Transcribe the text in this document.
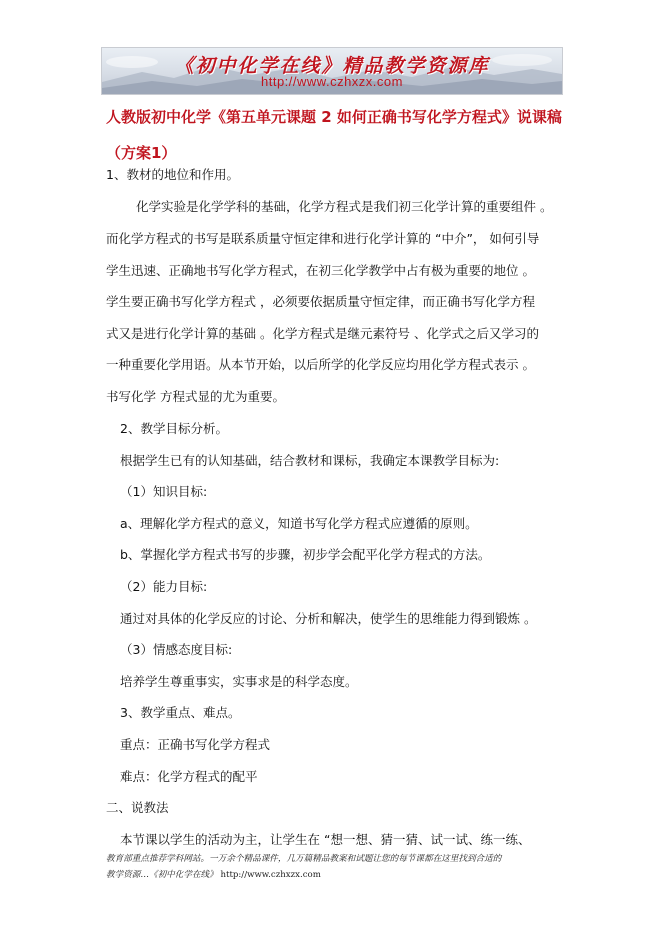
《初中化学在线》精品教学资源库
http://www.czhxzx.com
人教版初中化学《第五单元课题 2 如何正确书写化学方程式》说课稿（方案1）
1、教材的地位和作用。
化学实验是化学学科的基础，化学方程式是我们初三化学计算的重要组件 。
而化学方程式的书写是联系质量守恒定律和进行化学计算的 “中介”， 如何引导
学生迅速、正确地书写化学方程式，在初三化学教学中占有极为重要的地位 。
学生要正确书写化学方程式 ，必须要依据质量守恒定律，而正确书写化学方程
式又是进行化学计算的基础 。化学方程式是继元素符号 、化学式之后又学习的
一种重要化学用语。从本节开始，以后所学的化学反应均用化学方程式表示 。
书写化学 方程式显的尤为重要。
2、教学目标分析。
根据学生已有的认知基础，结合教材和课标，我确定本课教学目标为:
（1）知识目标:
a、理解化学方程式的意义，知道书写化学方程式应遵循的原则。
b、掌握化学方程式书写的步骤，初步学会配平化学方程式的方法。
（2）能力目标:
通过对具体的化学反应的讨论、分析和解决，使学生的思维能力得到锻炼 。
（3）情感态度目标:
培养学生尊重事实，实事求是的科学态度。
3、教学重点、难点。
重点：正确书写化学方程式
难点：化学方程式的配平
二、说教法
本节课以学生的活动为主，让学生在 “想一想、猜一猜、试一试、练一练、
教育部重点推荐学科网站。一万余个精品课件，几万篇精品教案和试题让您的每节课都在这里找到合适的
教学资源…《初中化学在线》 http://www.czhxzx.com
